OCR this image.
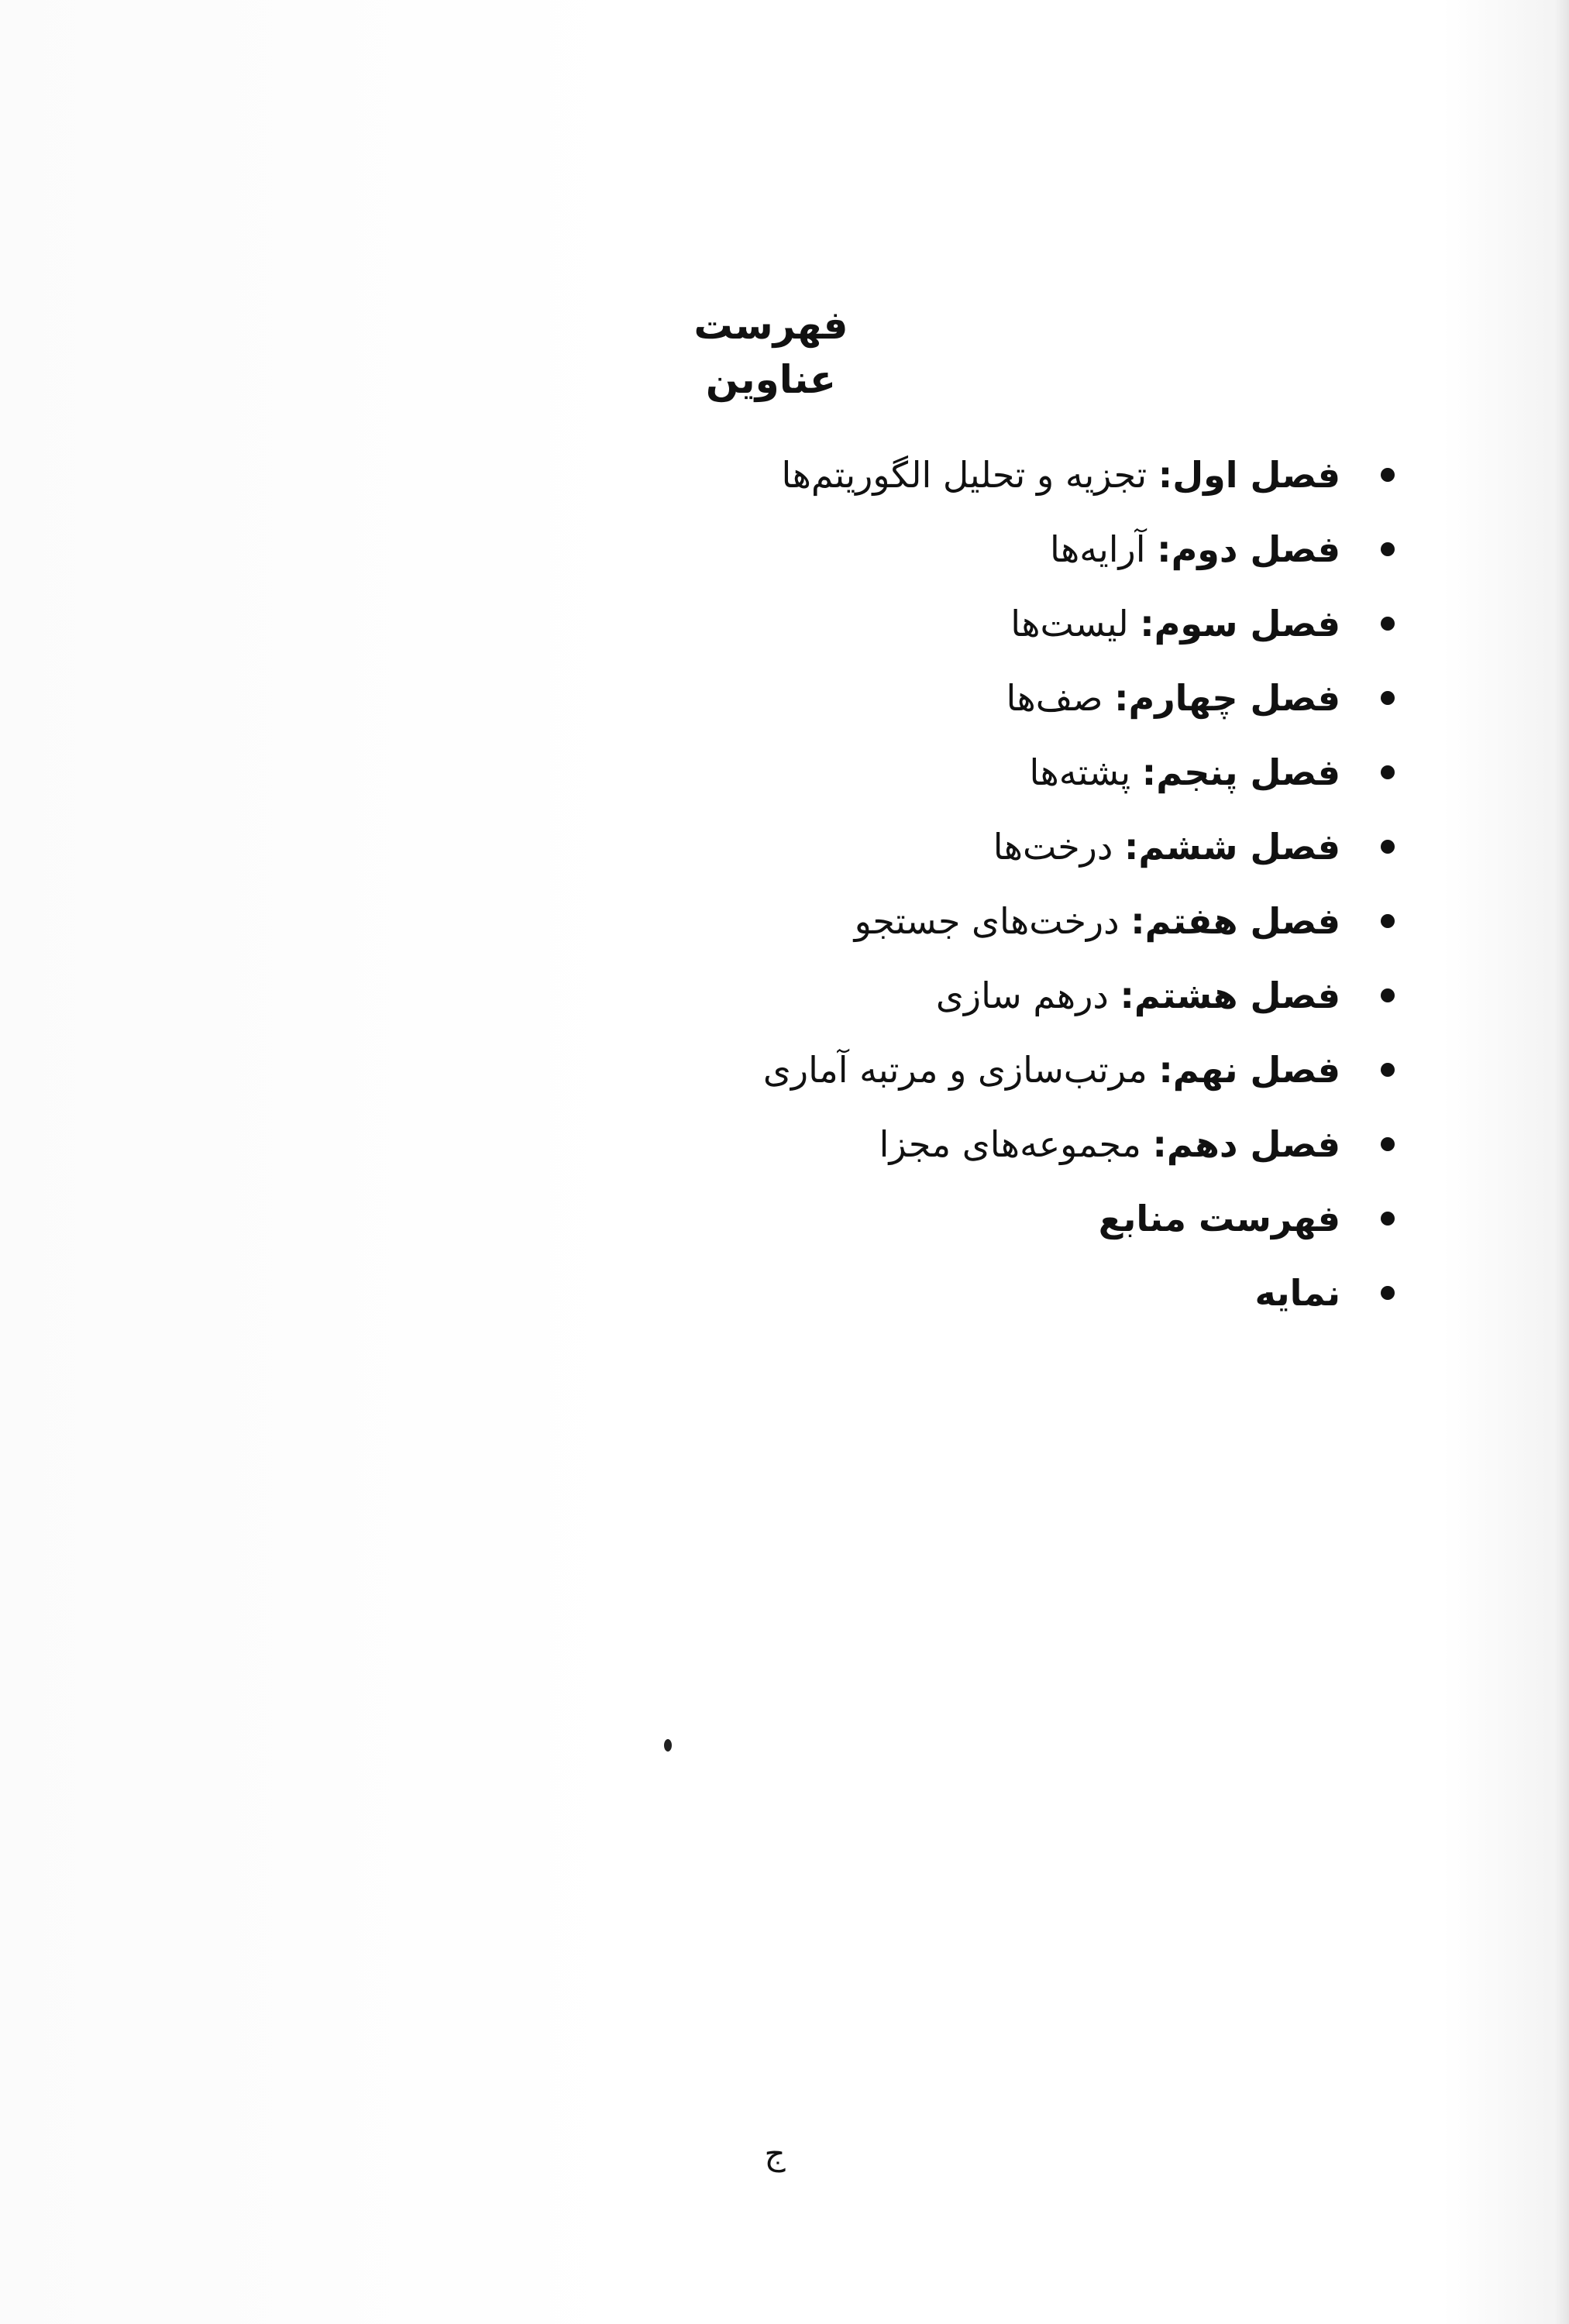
فهرست عناوین
فصل اول: تجزیه و تحلیل الگوریتم‌ها
فصل دوم: آرایه‌ها
فصل سوم: لیست‌ها
فصل چهارم: صف‌ها
فصل پنجم: پشته‌ها
فصل ششم: درخت‌ها
فصل هفتم: درخت‌های جستجو
فصل هشتم: درهم سازی
فصل نهم: مرتب‌سازی و مرتبه آماری
فصل دهم: مجموعه‌های مجزا
فهرست منابع
نمایه
ج
